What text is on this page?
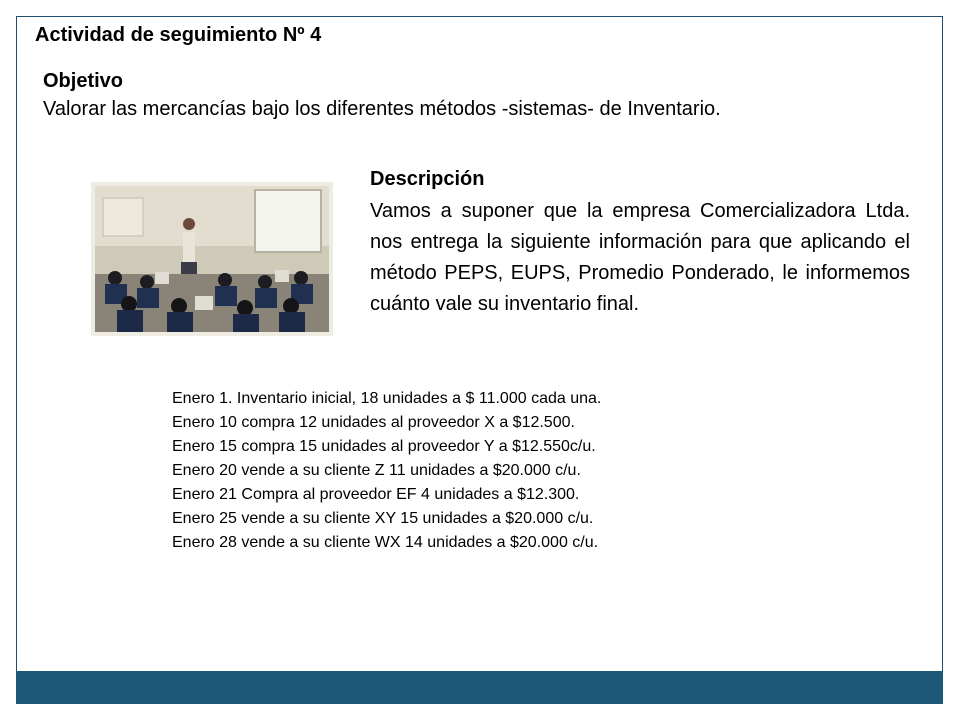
Actividad de seguimiento Nº 4
Objetivo
Valorar las mercancías bajo los diferentes métodos -sistemas- de Inventario.
Descripción
Vamos a suponer que la empresa Comercializadora Ltda. nos entrega la siguiente información para que aplicando el método PEPS, EUPS, Promedio Ponderado, le informemos cuánto vale su inventario final.
Enero 1. Inventario inicial, 18 unidades a $ 11.000 cada una.
Enero 10 compra 12 unidades al proveedor X a $12.500.
Enero 15 compra 15 unidades al proveedor Y a $12.550c/u.
Enero 20 vende a su cliente Z 11 unidades a $20.000 c/u.
Enero 21 Compra al proveedor EF 4 unidades a $12.300.
Enero 25 vende a su cliente XY 15 unidades a $20.000 c/u.
Enero 28 vende a su cliente WX 14 unidades a $20.000 c/u.
